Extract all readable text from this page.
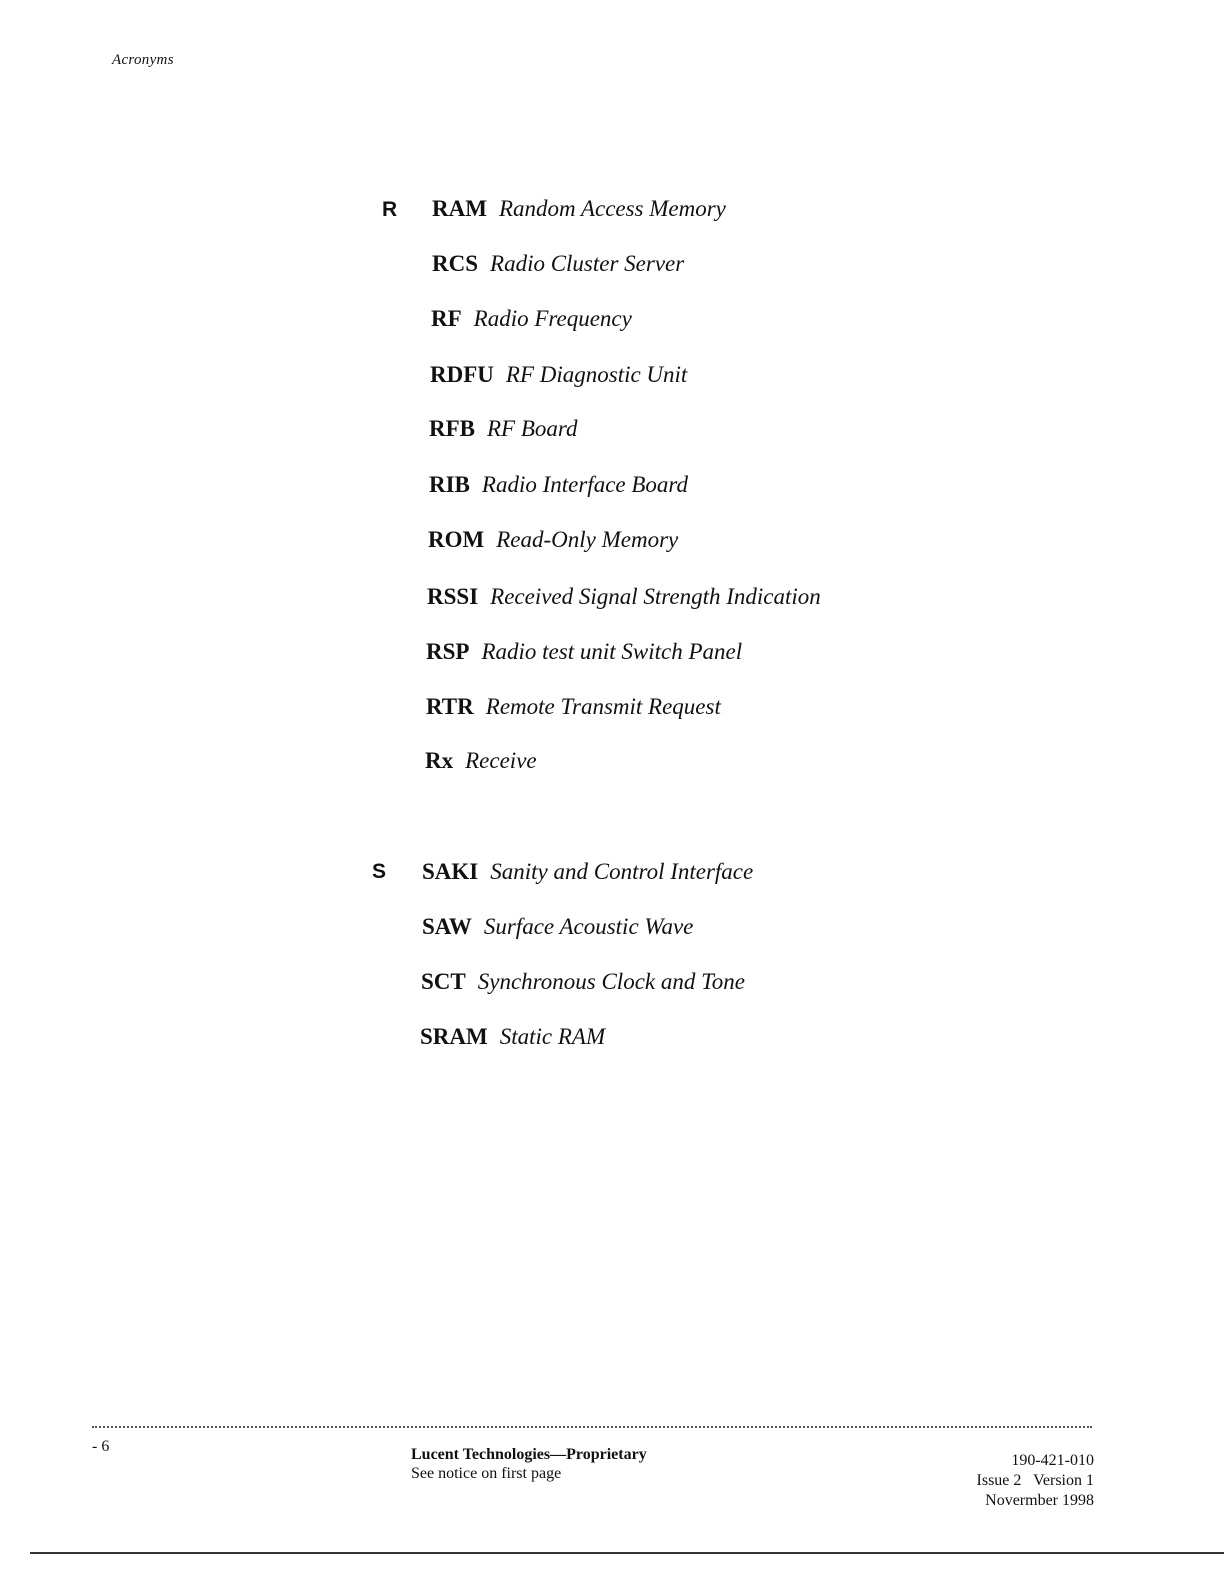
Acronyms
R RAM Random Access Memory
RCS Radio Cluster Server
RF Radio Frequency
RDFU RF Diagnostic Unit
RFB RF Board
RIB Radio Interface Board
ROM Read-Only Memory
RSSI Received Signal Strength Indication
RSP Radio test unit Switch Panel
RTR Remote Transmit Request
Rx Receive
S SAKI Sanity and Control Interface
SAW Surface Acoustic Wave
SCT Synchronous Clock and Tone
SRAM Static RAM
- 6	Lucent Technologies—Proprietary
See notice on first page
190-421-010
Issue 2   Version 1
Novermber 1998
